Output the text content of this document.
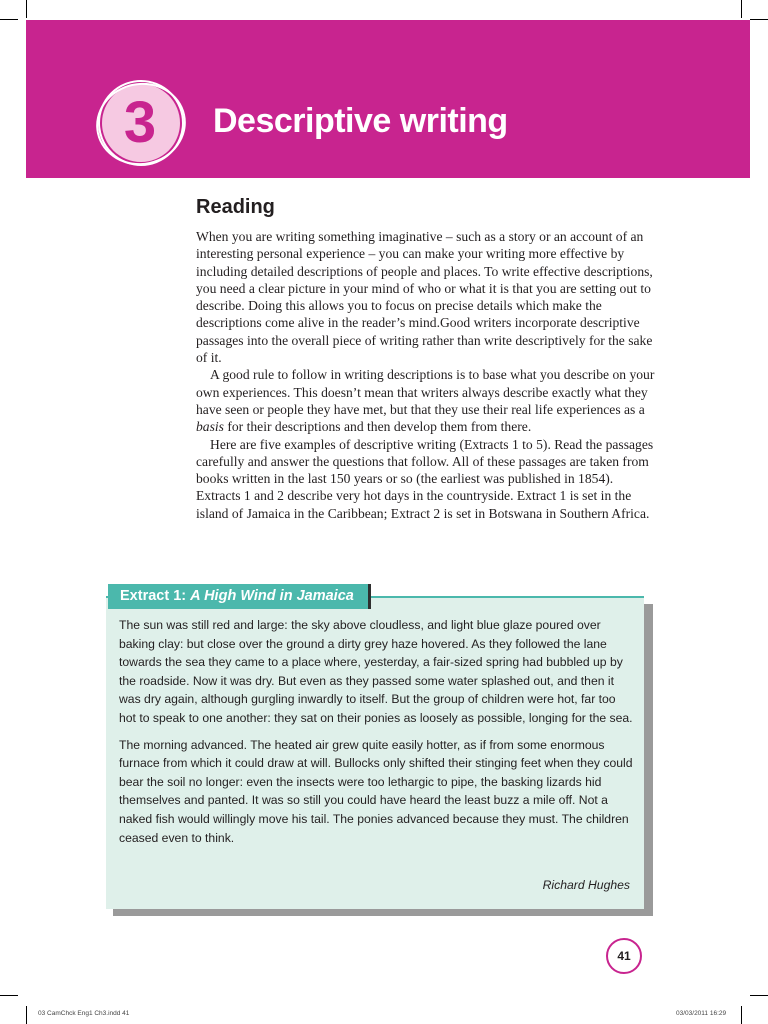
3	Descriptive writing
Reading

When you are writing something imaginative – such as a story or an account of an interesting personal experience – you can make your writing more effective by including detailed descriptions of people and places. To write effective descriptions, you need a clear picture in your mind of who or what it is that you are setting out to describe. Doing this allows you to focus on precise details which make the descriptions come alive in the reader’s mind.Good writers incorporate descriptive passages into the overall piece of writing rather than write descriptively for the sake of it.

A good rule to follow in writing descriptions is to base what you describe on your own experiences. This doesn’t mean that writers always describe exactly what they have seen or people they have met, but that they use their real life experiences as a basis for their descriptions and then develop them from there.

Here are five examples of descriptive writing (Extracts 1 to 5). Read the passages carefully and answer the questions that follow. All of these passages are taken from books written in the last 150 years or so (the earliest was published in 1854). Extracts 1 and 2 describe very hot days in the countryside. Extract 1 is set in the island of Jamaica in the Caribbean; Extract 2 is set in Botswana in Southern Africa.

Extract 1: A High Wind in Jamaica

The sun was still red and large: the sky above cloudless, and light blue glaze poured over baking clay: but close over the ground a dirty grey haze hovered. As they followed the lane towards the sea they came to a place where, yesterday, a fair-sized spring had bubbled up by the roadside. Now it was dry. But even as they passed some water splashed out, and then it was dry again, although gurgling inwardly to itself. But the group of children were hot, far too hot to speak to one another: they sat on their ponies as loosely as possible, longing for the sea.

The morning advanced. The heated air grew quite easily hotter, as if from some enormous furnace from which it could draw at will. Bullocks only shifted their stinging feet when they could bear the soil no longer: even the insects were too lethargic to pipe, the basking lizards hid themselves and panted. It was so still you could have heard the least buzz a mile off. Not a naked fish would willingly move his tail. The ponies advanced because they must. The children ceased even to think.

Richard Hughes
41
03 CamChck Eng1 Ch3.indd 41	03/03/2011 16:29
